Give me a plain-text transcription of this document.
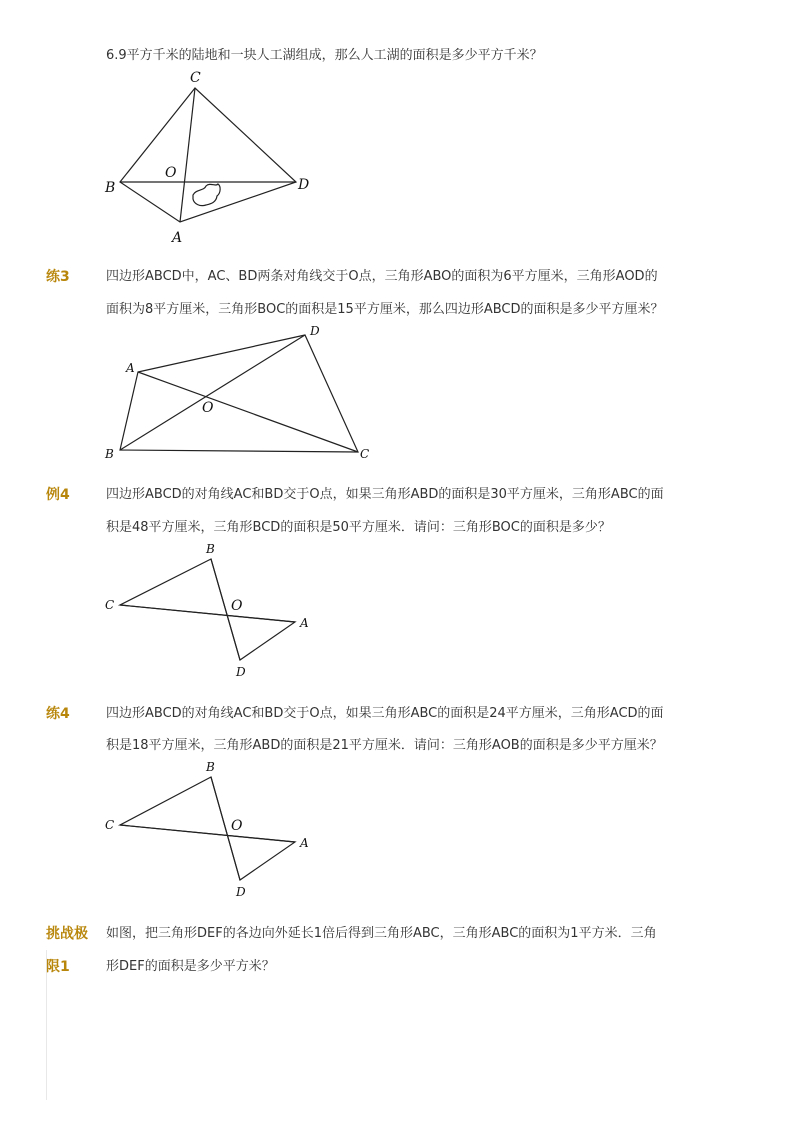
6.9平方千米的陆地和一块人工湖组成，那么人工湖的面积是多少平方千米？
C
O
B	D
A
练3	四边形ABCD中，AC、BD两条对角线交于O点，三角形ABO的面积为6平方厘米，三角形AOD的
面积为8平方厘米，三角形BOC的面积是15平方厘米，那么四边形ABCD的面积是多少平方厘米？
A
D
O
B	C
例4	四边形ABCD的对角线AC和BD交于O点，如果三角形ABD的面积是30平方厘米，三角形ABC的面
积是48平方厘米，三角形BCD的面积是50平方厘米．请问：三角形BOC的面积是多少？
B
C	O
A
D
练4	四边形ABCD的对角线AC和BD交于O点，如果三角形ABC的面积是24平方厘米，三角形ACD的面
积是18平方厘米，三角形ABD的面积是21平方厘米．请问：三角形AOB的面积是多少平方厘米？
B
C	O
A
D
挑战极
限1
如图，把三角形DEF的各边向外延长1倍后得到三角形ABC，三角形ABC的面积为1平方米．三角
形DEF的面积是多少平方米？
